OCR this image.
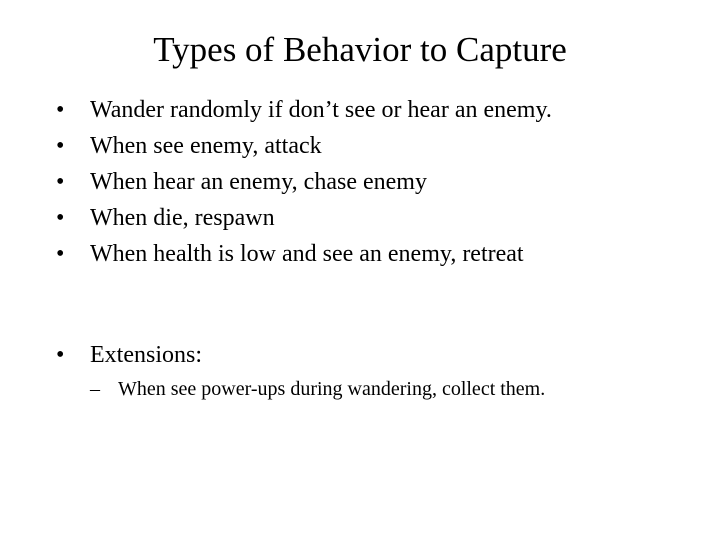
Types of Behavior to Capture
•	Wander randomly if don’t see or hear an enemy.
•	When see enemy, attack
•	When hear an enemy, chase enemy
•	When die, respawn
•	When health is low and see an enemy, retreat
•	Extensions:
– When see power-ups during wandering, collect them.
